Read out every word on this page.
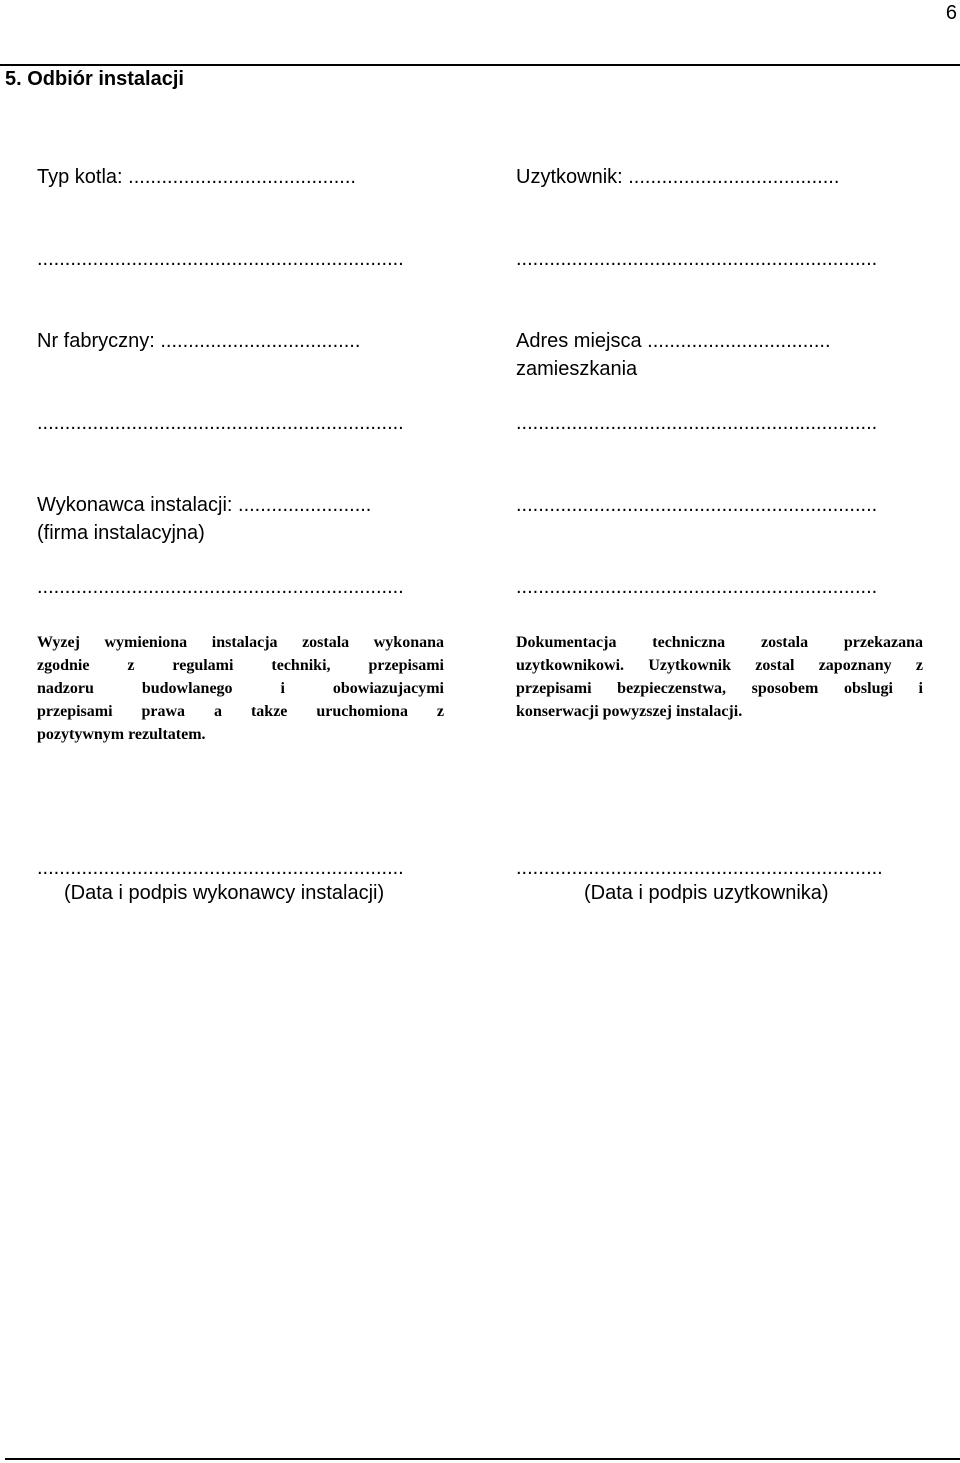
6
5. Odbiór instalacji
Typ kotla: .........................................
..................................................................
Nr fabryczny: ....................................
..................................................................
Wykonawca instalacji: ........................
(firma instalacyjna)
..................................................................
Uzytkownik: ......................................
.................................................................
Adres miejsca .................................
zamieszkania
.................................................................
.................................................................
.................................................................
Wyzej wymieniona instalacja zostala wykonana
zgodnie z regulami techniki, przepisami
nadzoru budowlanego i obowiazujacymi
przepisami prawa a takze uruchomiona z
pozytywnym rezultatem.
Dokumentacja techniczna zostala przekazana
uzytkownikowi. Uzytkownik zostal zapoznany z
przepisami bezpieczenstwa, sposobem obslugi i
konserwacji powyzszej instalacji.
..................................................................
(Data i podpis wykonawcy instalacji)
..................................................................
(Data i podpis uzytkownika)
